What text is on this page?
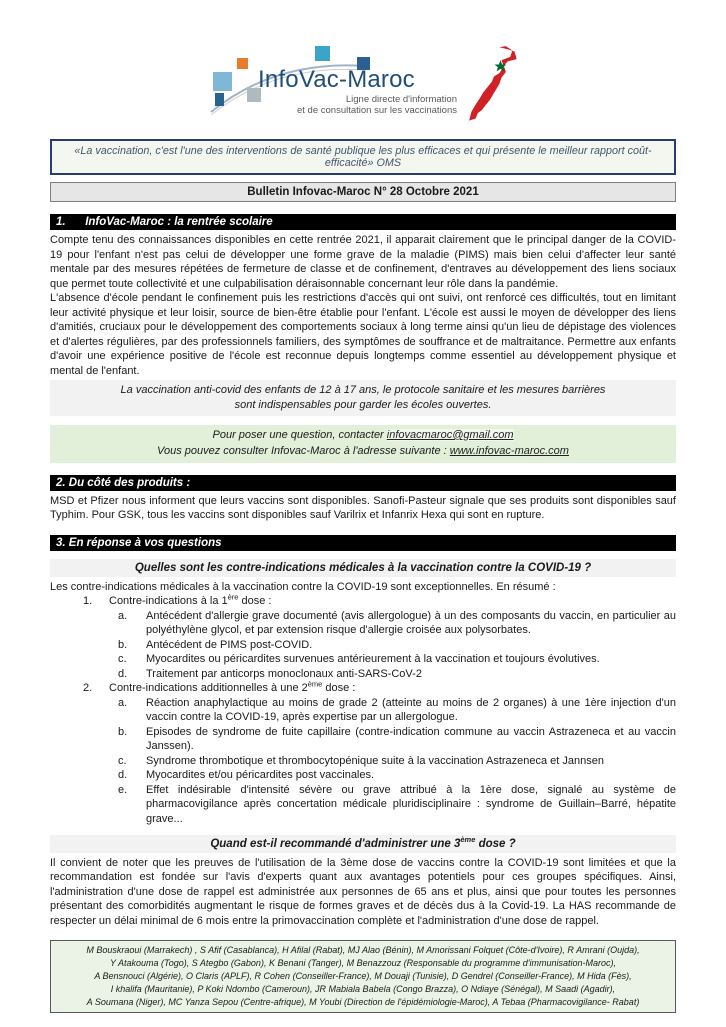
InfoVac-Maroc
Ligne directe d'information
et de consultation sur les vaccinations
«La vaccination, c'est l'une des interventions de santé publique les plus efficaces et qui présente le meilleur rapport coût-efficacité» OMS
Bulletin Infovac-Maroc N° 28 Octobre 2021
1. InfoVac-Maroc : la rentrée scolaire
Compte tenu des connaissances disponibles en cette rentrée 2021, il apparait clairement que le principal danger de la COVID-19 pour l'enfant n'est pas celui de développer une forme grave de la maladie (PIMS) mais bien celui d'affecter leur santé mentale par des mesures répétées de fermeture de classe et de confinement, d'entraves au développement des liens sociaux que permet toute collectivité et une culpabilisation déraisonnable concernant leur rôle dans la pandémie.
L'absence d'école pendant le confinement puis les restrictions d'accès qui ont suivi, ont renforcé ces difficultés, tout en limitant leur activité physique et leur loisir, source de bien-être établie pour l'enfant. L'école est aussi le moyen de développer des liens d'amitiés, cruciaux pour le développement des comportements sociaux à long terme ainsi qu'un lieu de dépistage des violences et d'alertes régulières, par des professionnels familiers, des symptômes de souffrance et de maltraitance. Permettre aux enfants d'avoir une expérience positive de l'école est reconnue depuis longtemps comme essentiel au développement physique et mental de l'enfant.
La vaccination anti-covid des enfants de 12 à 17 ans, le protocole sanitaire et les mesures barrières
sont indispensables pour garder les écoles ouvertes.
Pour poser une question, contacter infovacmaroc@gmail.com
Vous pouvez consulter Infovac-Maroc à l'adresse suivante : www.infovac-maroc.com
2. Du côté des produits :
MSD et Pfizer nous informent que leurs vaccins sont disponibles. Sanofi-Pasteur signale que ses produits sont disponibles sauf Typhim. Pour GSK, tous les vaccins sont disponibles sauf Varilrix et Infanrix Hexa qui sont en rupture.
3. En réponse à vos questions
Quelles sont les contre-indications médicales à la vaccination contre la COVID-19 ?
Les contre-indications médicales à la vaccination contre la COVID-19 sont exceptionnelles. En résumé :
1.	Contre-indications à la 1ère dose :
a.	Antécédent d'allergie grave documenté (avis allergologue) à un des composants du vaccin, en particulier au polyéthylène glycol, et par extension risque d'allergie croisée aux polysorbates.
b.	Antécédent de PIMS post-COVID.
c.	Myocardites ou péricardites survenues antérieurement à la vaccination et toujours évolutives.
d.	Traitement par anticorps monoclonaux anti-SARS-CoV-2
2.	Contre-indications additionnelles à une 2ème dose :
a.	Réaction anaphylactique au moins de grade 2 (atteinte au moins de 2 organes) à une 1ère injection d'un vaccin contre la COVID-19, après expertise par un allergologue.
b.	Episodes de syndrome de fuite capillaire (contre-indication commune au vaccin Astrazeneca et au vaccin Janssen).
c.	Syndrome thrombotique et thrombocytopénique suite à la vaccination Astrazeneca et Jannsen
d.	Myocardites et/ou péricardites post vaccinales.
e.	Effet indésirable d'intensité sévère ou grave attribué à la 1ère dose, signalé au système de pharmacovigilance après concertation médicale pluridisciplinaire : syndrome de Guillain–Barré, hépatite grave...
Quand est-il recommandé d'administrer une 3ème dose ?
Il convient de noter que les preuves de l'utilisation de la 3ème dose de vaccins contre la COVID-19 sont limitées et que la recommandation est fondée sur l'avis d'experts quant aux avantages potentiels pour ces groupes spécifiques. Ainsi, l'administration d'une dose de rappel est administrée aux personnes de 65 ans et plus, ainsi que pour toutes les personnes présentant des comorbidités augmentant le risque de formes graves et de décès dus à la Covid-19. La HAS recommande de respecter un délai minimal de 6 mois entre la primovaccination complète et l'administration d'une dose de rappel.
M Bouskraoui (Marrakech) , S Afif (Casablanca), H Afilal (Rabat), MJ Alao (Bénin), M Amorissani Folquet (Côte-d'Ivoire), R Amrani (Oujda),
Y Atakouma (Togo), S Ategbo (Gabon), K Benani (Tanger), M Benazzouz (Responsable du programme d'immunisation-Maroc),
A Bensnouci (Algérie), O Claris (APLF), R Cohen (Conseiller-France), M Douaji (Tunisie), D Gendrel (Conseiller-France), M Hida (Fès),
I khalifa (Mauritanie), P Koki Ndombo (Cameroun), JR Mabiala Babela (Congo Brazza), O Ndiaye (Sénégal), M Saadi (Agadir),
A Soumana (Niger), MC Yanza Sepou (Centre-afrique), M Youbi (Direction de l'épidémiologie-Maroc), A Tebaa (Pharmacovigilance- Rabat)
